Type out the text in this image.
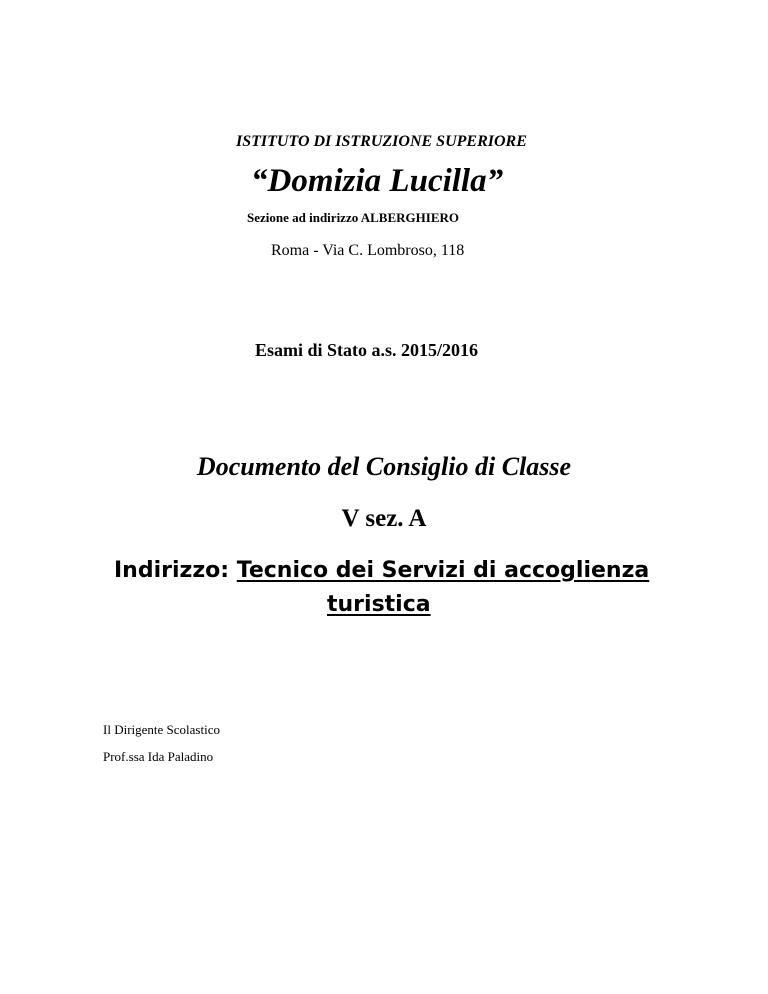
ISTITUTO DI ISTRUZIONE SUPERIORE

“Domizia Lucilla”

Sezione ad indirizzo ALBERGHIERO

Roma - Via C. Lombroso, 118

Esami di Stato a.s. 2015/2016

Documento del Consiglio di Classe

V sez. A

Indirizzo: Tecnico dei Servizi di accoglienza

turistica

Il Dirigente Scolastico

Prof.ssa Ida Paladino
